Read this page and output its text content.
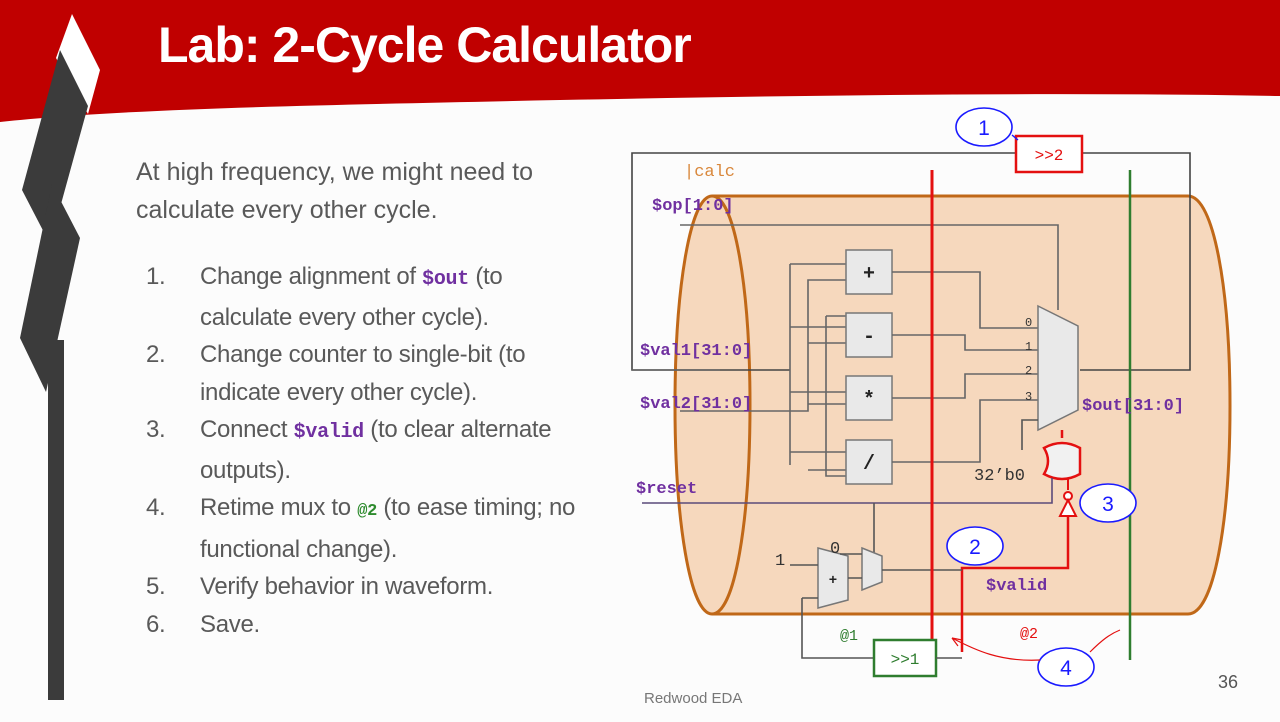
Lab: 2-Cycle Calculator
At high frequency, we might need to calculate every other cycle.
1. Change alignment of $out (to calculate every other cycle).
2. Change counter to single-bit (to indicate every other cycle).
3. Connect $valid (to clear alternate outputs).
4. Retime mux to @2 (to ease timing; no functional change).
5. Verify behavior in waveform.
6. Save.
+
-
*
/
0
1
2
3
1
0
+
>>2
>>1
|calc
$op[1:0]
$val1[31:0]
$val2[31:0]
$reset
$out[31:0]
$valid
32’b0
@1	@2
1
2
3
4
36
Redwood EDA
